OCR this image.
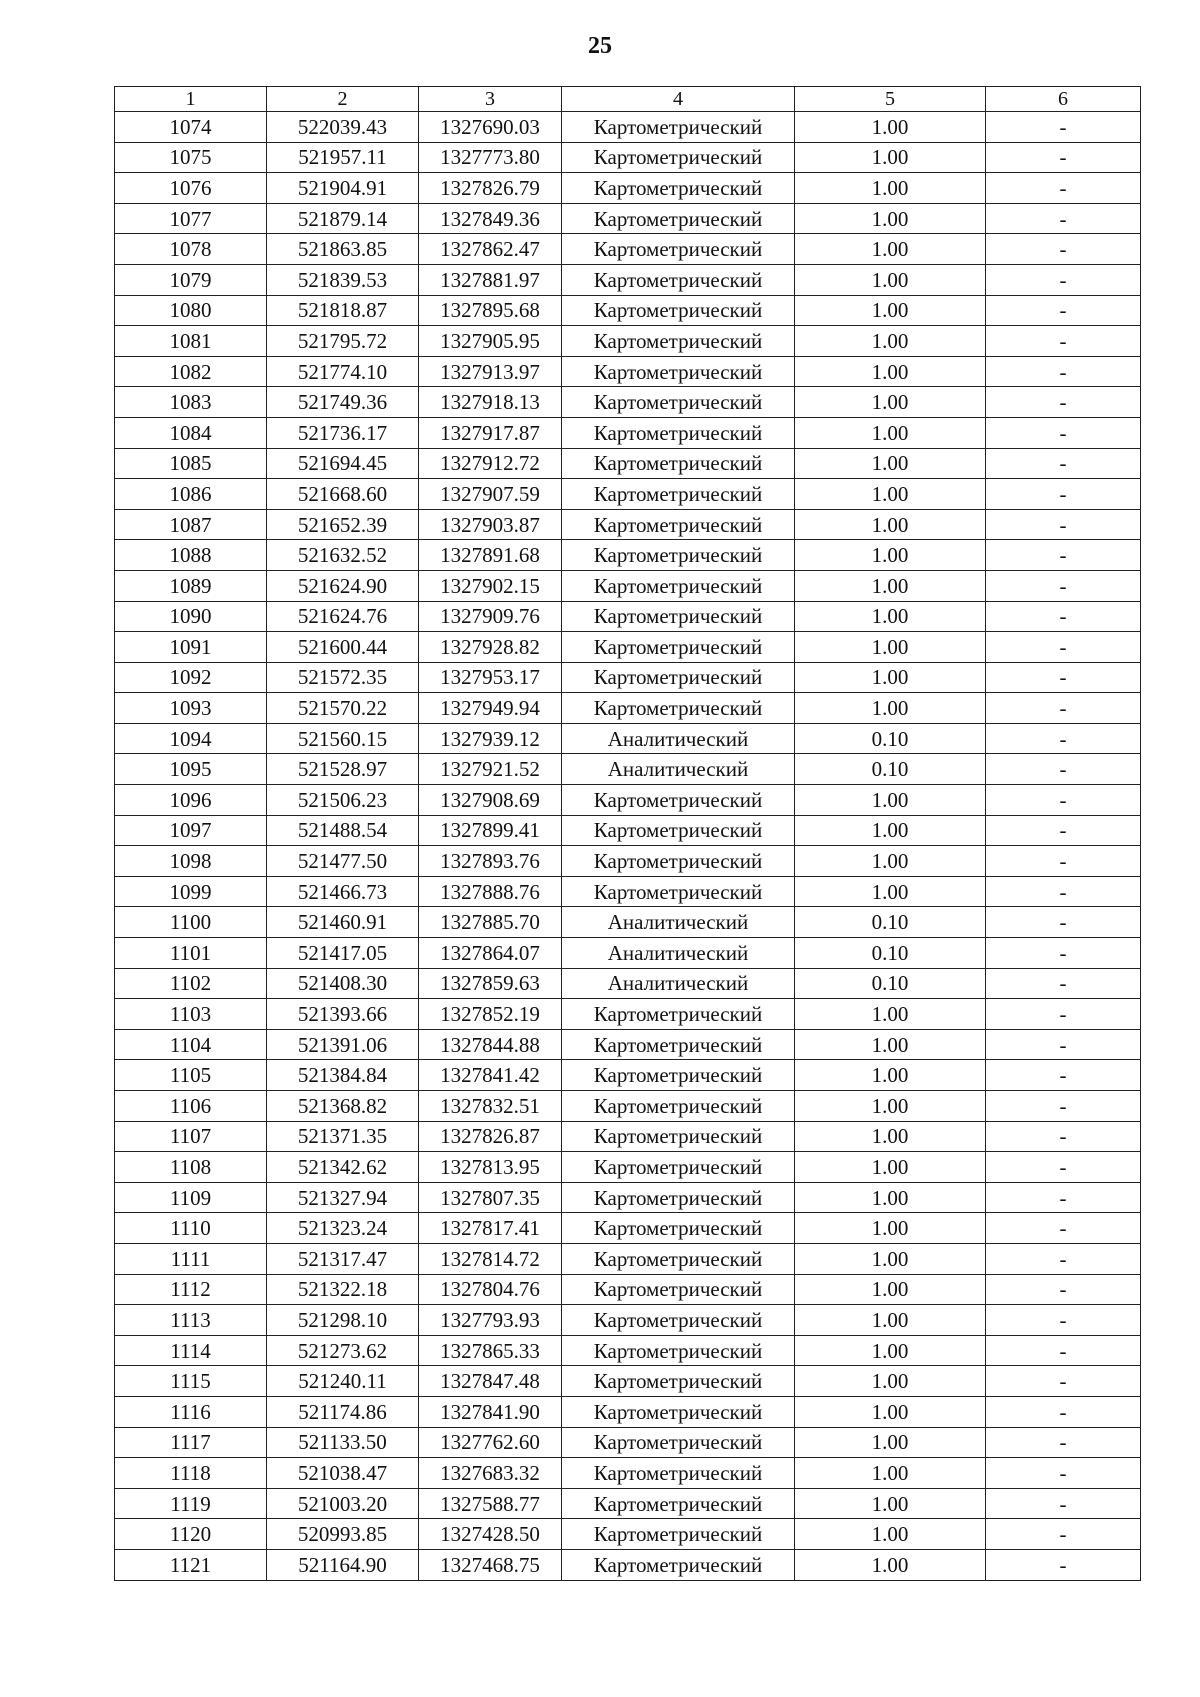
25
1	2	3	4	5	6
1074	522039.43	1327690.03	Картометрический	1.00	-
1075	521957.11	1327773.80	Картометрический	1.00	-
1076	521904.91	1327826.79	Картометрический	1.00	-
1077	521879.14	1327849.36	Картометрический	1.00	-
1078	521863.85	1327862.47	Картометрический	1.00	-
1079	521839.53	1327881.97	Картометрический	1.00	-
1080	521818.87	1327895.68	Картометрический	1.00	-
1081	521795.72	1327905.95	Картометрический	1.00	-
1082	521774.10	1327913.97	Картометрический	1.00	-
1083	521749.36	1327918.13	Картометрический	1.00	-
1084	521736.17	1327917.87	Картометрический	1.00	-
1085	521694.45	1327912.72	Картометрический	1.00	-
1086	521668.60	1327907.59	Картометрический	1.00	-
1087	521652.39	1327903.87	Картометрический	1.00	-
1088	521632.52	1327891.68	Картометрический	1.00	-
1089	521624.90	1327902.15	Картометрический	1.00	-
1090	521624.76	1327909.76	Картометрический	1.00	-
1091	521600.44	1327928.82	Картометрический	1.00	-
1092	521572.35	1327953.17	Картометрический	1.00	-
1093	521570.22	1327949.94	Картометрический	1.00	-
1094	521560.15	1327939.12	Аналитический	0.10	-
1095	521528.97	1327921.52	Аналитический	0.10	-
1096	521506.23	1327908.69	Картометрический	1.00	-
1097	521488.54	1327899.41	Картометрический	1.00	-
1098	521477.50	1327893.76	Картометрический	1.00	-
1099	521466.73	1327888.76	Картометрический	1.00	-
1100	521460.91	1327885.70	Аналитический	0.10	-
1101	521417.05	1327864.07	Аналитический	0.10	-
1102	521408.30	1327859.63	Аналитический	0.10	-
1103	521393.66	1327852.19	Картометрический	1.00	-
1104	521391.06	1327844.88	Картометрический	1.00	-
1105	521384.84	1327841.42	Картометрический	1.00	-
1106	521368.82	1327832.51	Картометрический	1.00	-
1107	521371.35	1327826.87	Картометрический	1.00	-
1108	521342.62	1327813.95	Картометрический	1.00	-
1109	521327.94	1327807.35	Картометрический	1.00	-
1110	521323.24	1327817.41	Картометрический	1.00	-
1111	521317.47	1327814.72	Картометрический	1.00	-
1112	521322.18	1327804.76	Картометрический	1.00	-
1113	521298.10	1327793.93	Картометрический	1.00	-
1114	521273.62	1327865.33	Картометрический	1.00	-
1115	521240.11	1327847.48	Картометрический	1.00	-
1116	521174.86	1327841.90	Картометрический	1.00	-
1117	521133.50	1327762.60	Картометрический	1.00	-
1118	521038.47	1327683.32	Картометрический	1.00	-
1119	521003.20	1327588.77	Картометрический	1.00	-
1120	520993.85	1327428.50	Картометрический	1.00	-
1121	521164.90	1327468.75	Картометрический	1.00	-
